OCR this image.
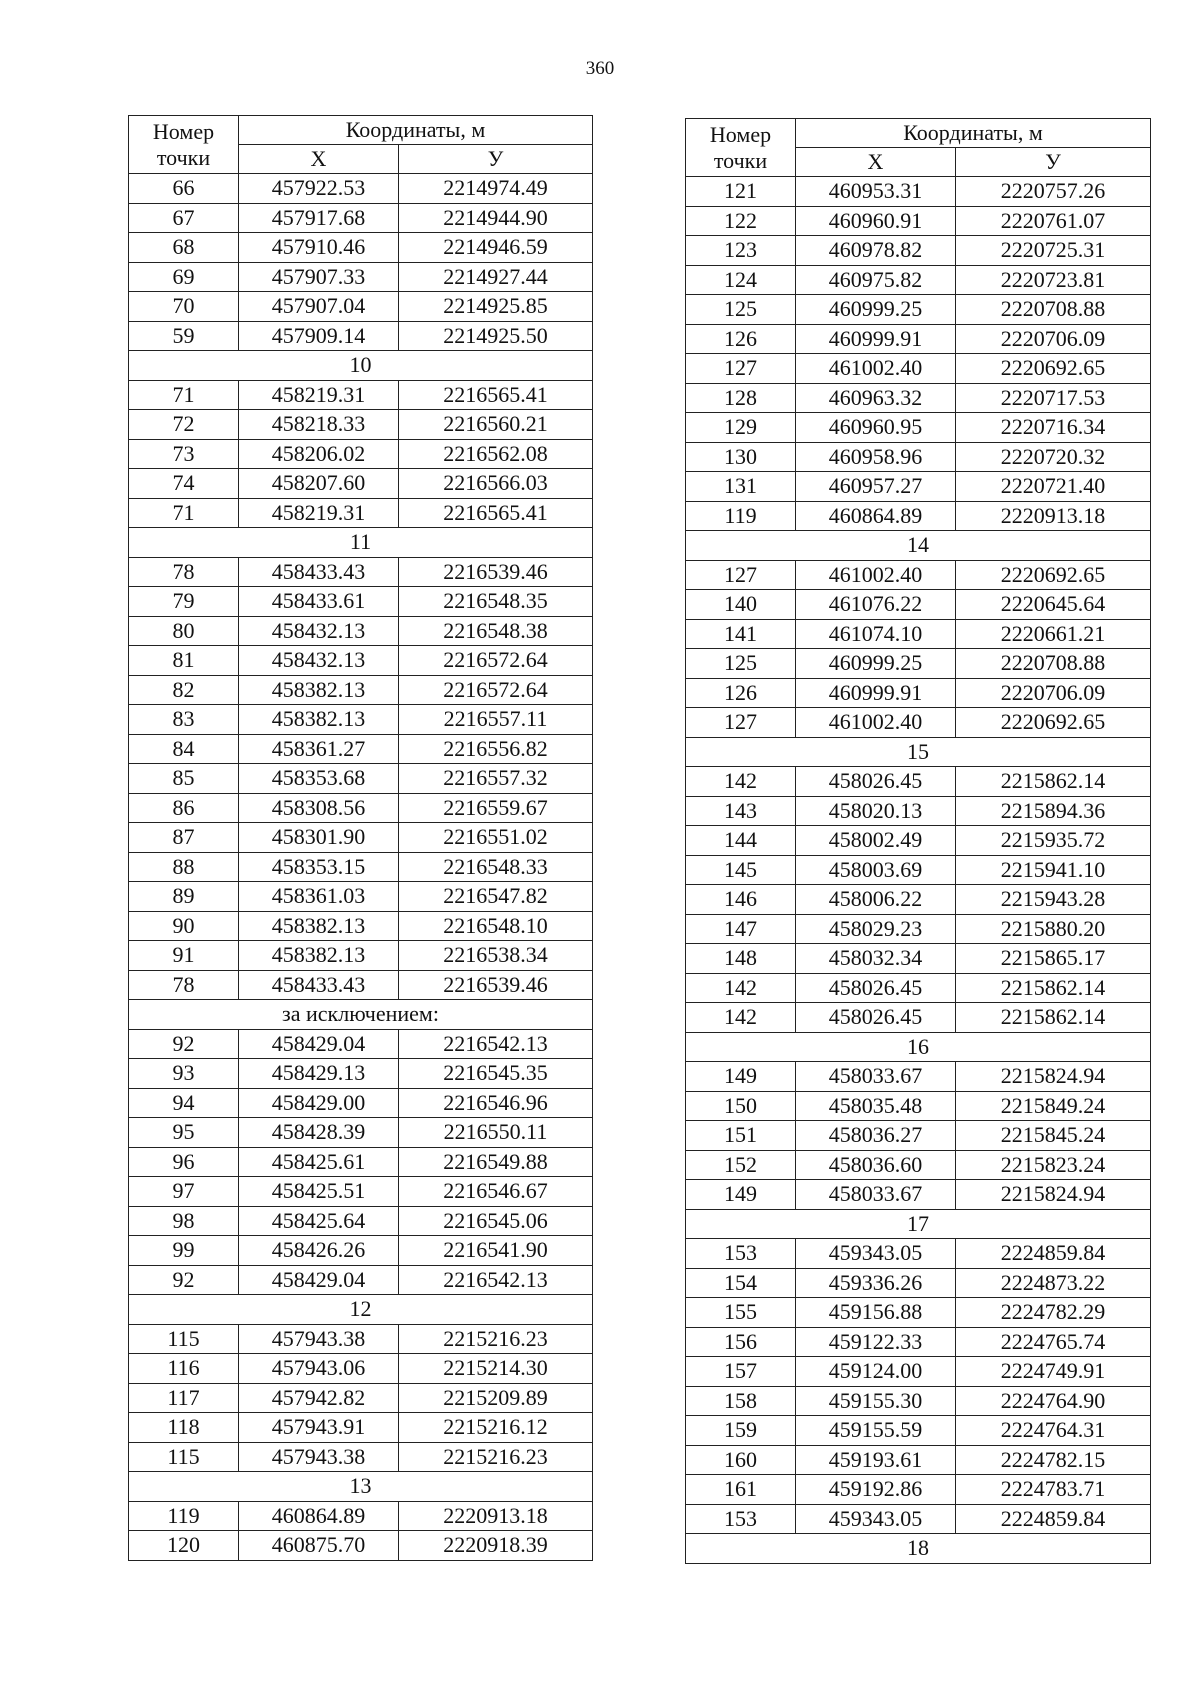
360
Номер
точки	Координаты, м	
	X	У
66	457922.53	2214974.49
67	457917.68	2214944.90
68	457910.46	2214946.59
69	457907.33	2214927.44
70	457907.04	2214925.85
59	457909.14	2214925.50
10		
71	458219.31	2216565.41
72	458218.33	2216560.21
73	458206.02	2216562.08
74	458207.60	2216566.03
71	458219.31	2216565.41
11		
78	458433.43	2216539.46
79	458433.61	2216548.35
80	458432.13	2216548.38
81	458432.13	2216572.64
82	458382.13	2216572.64
83	458382.13	2216557.11
84	458361.27	2216556.82
85	458353.68	2216557.32
86	458308.56	2216559.67
87	458301.90	2216551.02
88	458353.15	2216548.33
89	458361.03	2216547.82
90	458382.13	2216548.10
91	458382.13	2216538.34
78	458433.43	2216539.46
за исключением:		
92	458429.04	2216542.13
93	458429.13	2216545.35
94	458429.00	2216546.96
95	458428.39	2216550.11
96	458425.61	2216549.88
97	458425.51	2216546.67
98	458425.64	2216545.06
99	458426.26	2216541.90
92	458429.04	2216542.13
12		
115	457943.38	2215216.23
116	457943.06	2215214.30
117	457942.82	2215209.89
118	457943.91	2215216.12
115	457943.38	2215216.23
13		
119	460864.89	2220913.18
120	460875.70	2220918.39
Номер
точки	Координаты, м	
	X	У
121	460953.31	2220757.26
122	460960.91	2220761.07
123	460978.82	2220725.31
124	460975.82	2220723.81
125	460999.25	2220708.88
126	460999.91	2220706.09
127	461002.40	2220692.65
128	460963.32	2220717.53
129	460960.95	2220716.34
130	460958.96	2220720.32
131	460957.27	2220721.40
119	460864.89	2220913.18
14		
127	461002.40	2220692.65
140	461076.22	2220645.64
141	461074.10	2220661.21
125	460999.25	2220708.88
126	460999.91	2220706.09
127	461002.40	2220692.65
15		
142	458026.45	2215862.14
143	458020.13	2215894.36
144	458002.49	2215935.72
145	458003.69	2215941.10
146	458006.22	2215943.28
147	458029.23	2215880.20
148	458032.34	2215865.17
142	458026.45	2215862.14
142	458026.45	2215862.14
16		
149	458033.67	2215824.94
150	458035.48	2215849.24
151	458036.27	2215845.24
152	458036.60	2215823.24
149	458033.67	2215824.94
17		
153	459343.05	2224859.84
154	459336.26	2224873.22
155	459156.88	2224782.29
156	459122.33	2224765.74
157	459124.00	2224749.91
158	459155.30	2224764.90
159	459155.59	2224764.31
160	459193.61	2224782.15
161	459192.86	2224783.71
153	459343.05	2224859.84
18		
